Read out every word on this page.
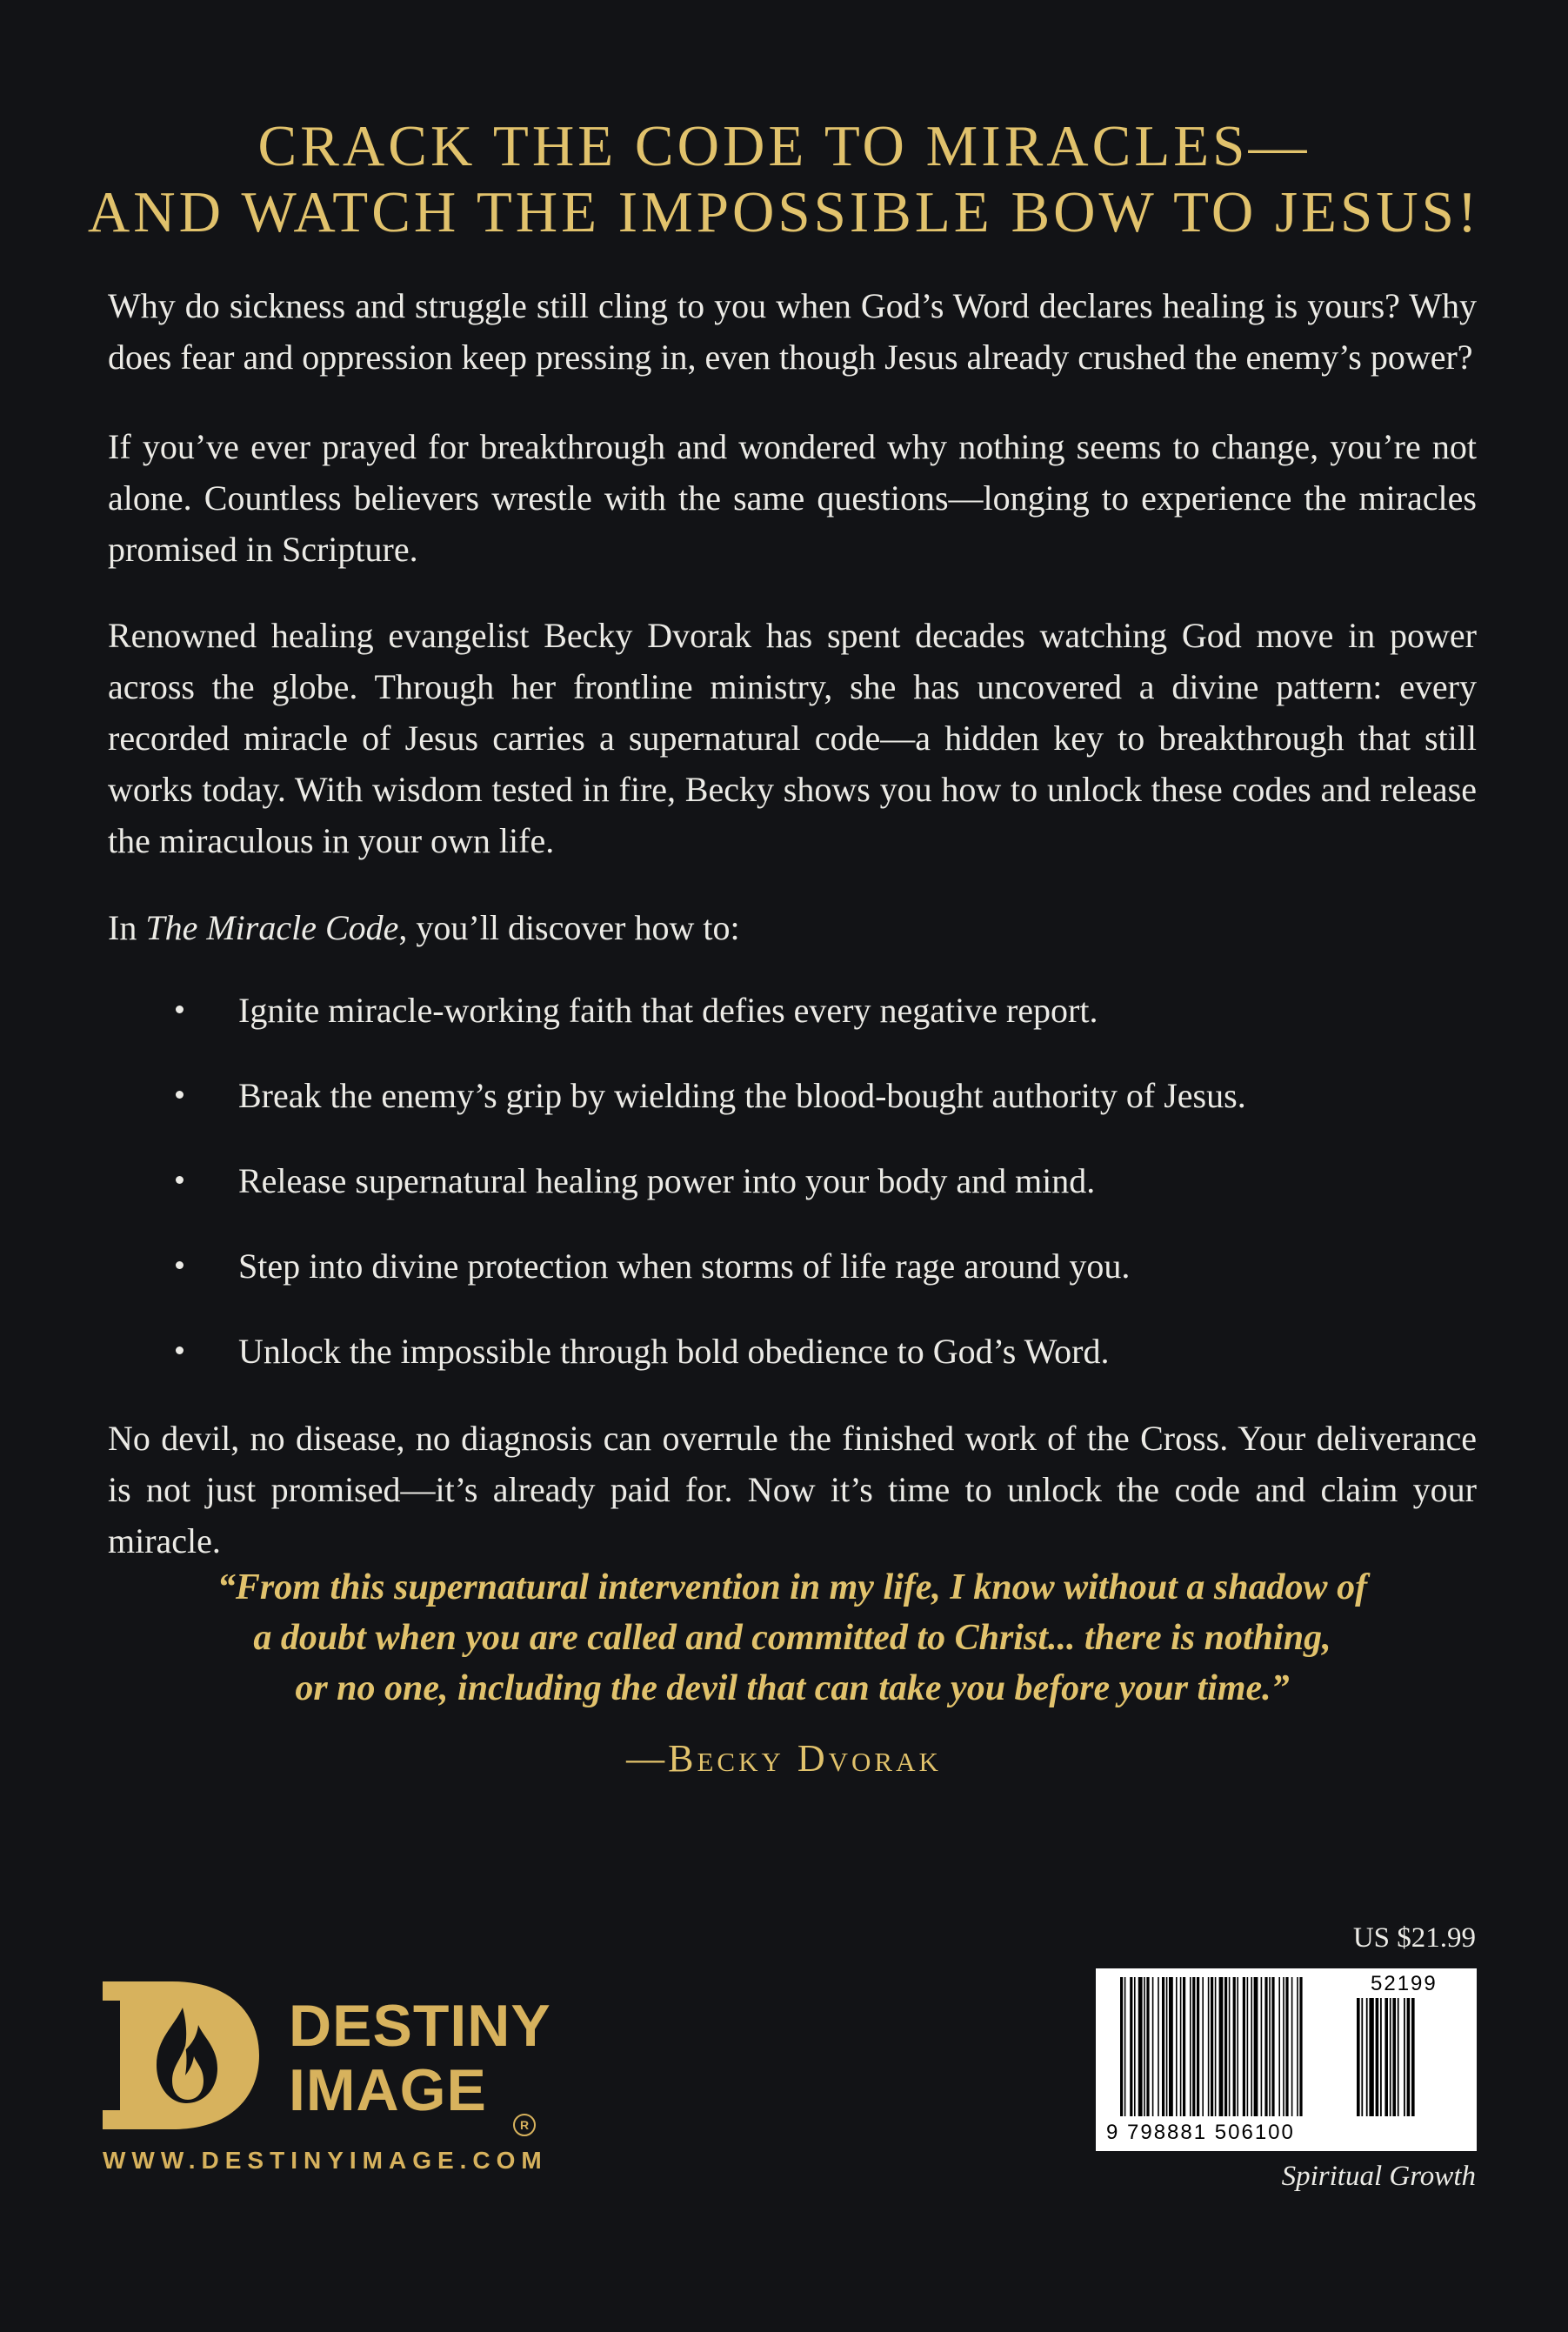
CRACK THE CODE TO MIRACLES—
AND WATCH THE IMPOSSIBLE BOW TO JESUS!
Why do sickness and struggle still cling to you when God’s Word declares healing is yours? Why does fear and oppression keep pressing in, even though Jesus already crushed the enemy’s power?
If you’ve ever prayed for breakthrough and wondered why nothing seems to change, you’re not alone. Countless believers wrestle with the same questions—longing to experience the miracles promised in Scripture.
Renowned healing evangelist Becky Dvorak has spent decades watching God move in power across the globe. Through her frontline ministry, she has uncovered a divine pattern: every recorded miracle of Jesus carries a supernatural code—a hidden key to breakthrough that still works today. With wisdom tested in fire, Becky shows you how to unlock these codes and release the miraculous in your own life.
In The Miracle Code, you’ll discover how to:
Ignite miracle-working faith that defies every negative report.
Break the enemy’s grip by wielding the blood-bought authority of Jesus.
Release supernatural healing power into your body and mind.
Step into divine protection when storms of life rage around you.
Unlock the impossible through bold obedience to God’s Word.
No devil, no disease, no diagnosis can overrule the finished work of the Cross. Your deliverance is not just promised—it’s already paid for. Now it’s time to unlock the code and claim your miracle.
“From this supernatural intervention in my life, I know without a shadow of
a doubt when you are called and committed to Christ... there is nothing,
or no one, including the devil that can take you before your time.”
—Becky Dvorak
DESTINY
IMAGE
R
WWW.DESTINYIMAGE.COM
US $21.99
9 798881 506100
52199
Spiritual Growth
